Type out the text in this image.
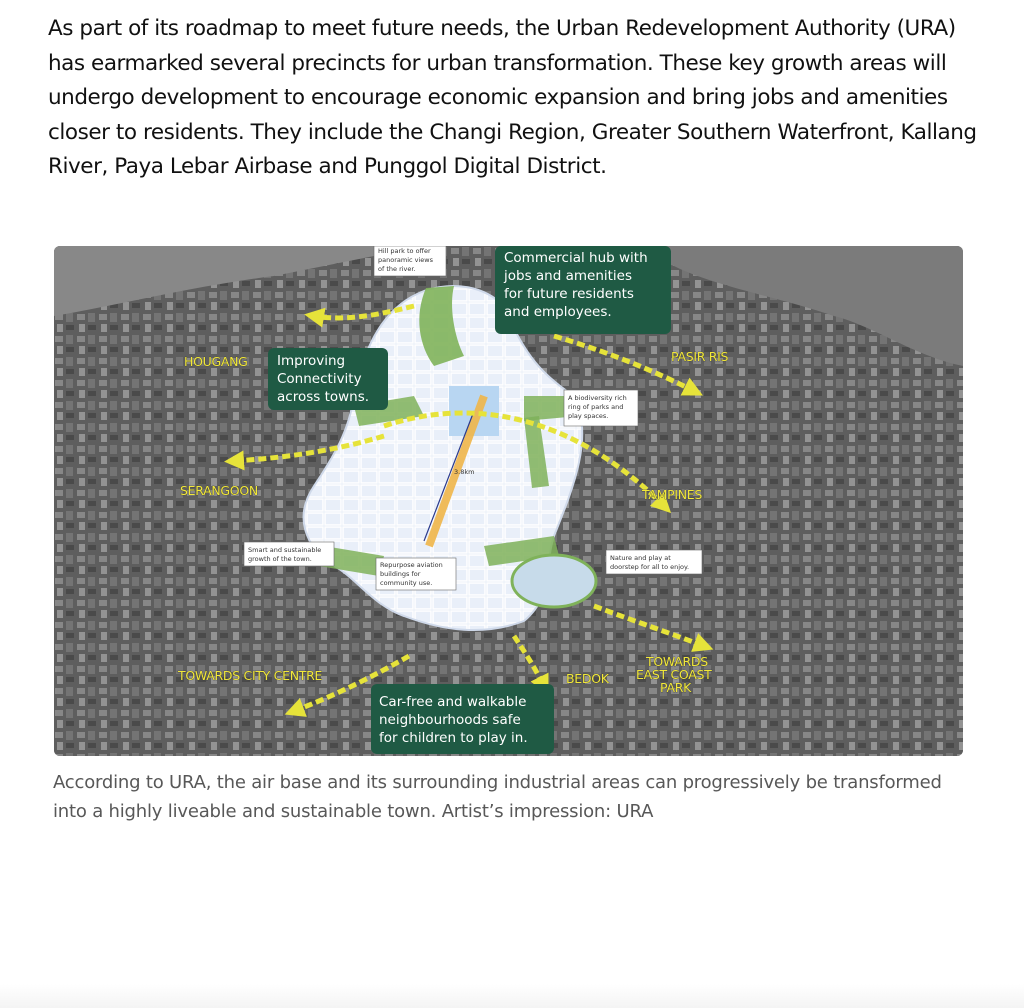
As part of its roadmap to meet future needs, the Urban Redevelopment Authority (URA) has earmarked several precincts for urban transformation. These key growth areas will undergo development to encourage economic expansion and bring jobs and amenities closer to residents. They include the Changi Region, Greater Southern Waterfront, Kallang River, Paya Lebar Airbase and Punggol Digital District.

3.8km
HOUGANG
SERANGOON
PASIR RIS
TAMPINES
TOWARDS CITY CENTRE	BEDOK
TOWARDS
EAST COAST
PARK
Commercial hub with
jobs and amenities
for future residents
and employees.
Improving
Connectivity
across towns.
Car-free and walkable
neighbourhoods safe
for children to play in.
Hill park to offer
panoramic views
of the river.
A biodiversity rich
ring of parks and
play spaces.
Smart and sustainable
growth of the town.
Repurpose aviation
buildings for
community use.
Nature and play at
doorstep for all to enjoy.

According to URA, the air base and its surrounding industrial areas can progressively be transformed into a highly liveable and sustainable town. Artist’s impression: URA
